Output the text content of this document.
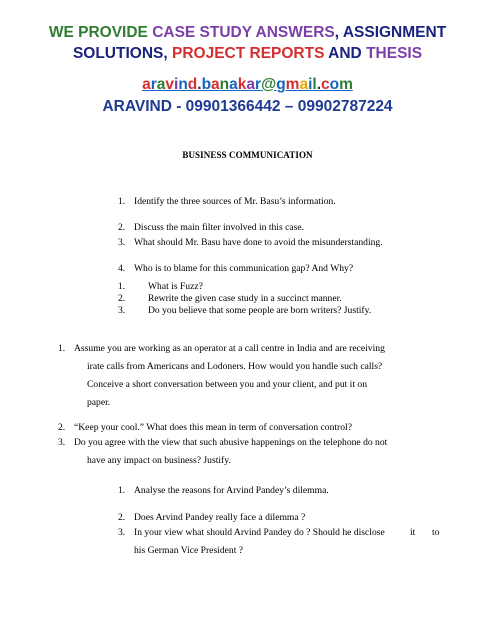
WE PROVIDE CASE STUDY ANSWERS, ASSIGNMENT
SOLUTIONS, PROJECT REPORTS AND THESIS
aravind.banakar@gmail.com
ARAVIND - 09901366442 – 09902787224
BUSINESS COMMUNICATION
1. Identify the three sources of Mr. Basu’s information.
2. Discuss the main filter involved in this case.
3. What should Mr. Basu have done to avoid the misunderstanding.
4. Who is to blame for this communication gap? And Why?
1. What is Fuzz?
2. Rewrite the given case study in a succinct manner.
3. Do you believe that some people are born writers? Justify.
1. Assume you are working as an operator at a call centre in India and are receiving
irate calls from Americans and Lodoners. How would you handle such calls?
Conceive a short conversation between you and your client, and put it on
paper.
2. “Keep your cool.” What does this mean in term of conversation control?
3. Do you agree with the view that such abusive happenings on the telephone do not
have any impact on business? Justify.
1. Analyse the reasons for Arvind Pandey’s dilemma.
2. Does Arvind Pandey really face a dilemma ?
3. In your view what should Arvind Pandey do ? Should he disclose	it to
his German Vice President ?
